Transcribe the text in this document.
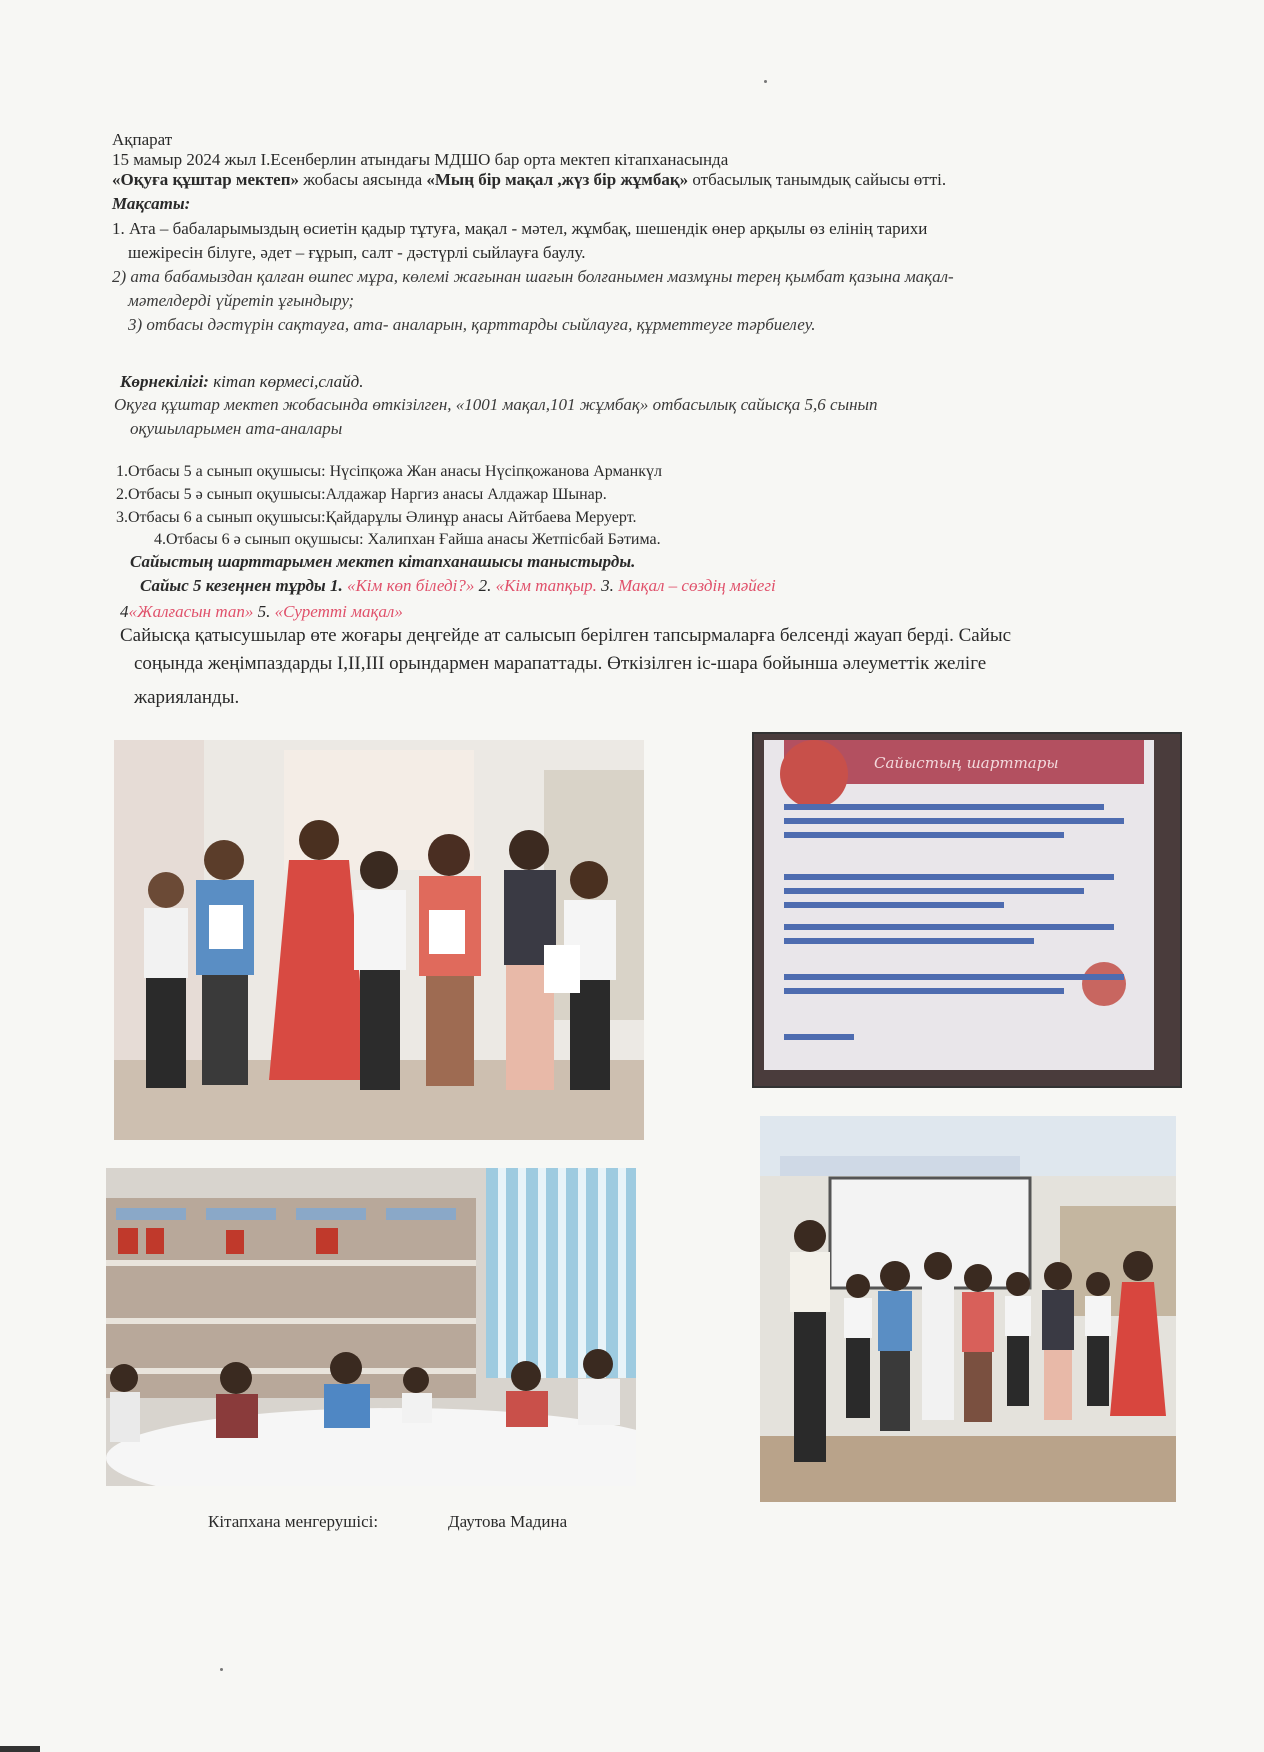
Ақпарат
15 мамыр 2024 жыл І.Есенберлин атындағы МДШО бар орта мектеп кітапханасында
«Оқуға құштар мектеп» жобасы аясында «Мың бір мақал ,жүз бір жұмбақ» отбасылық танымдық сайысы өтті.
Мақсаты:
1. Ата – бабаларымыздың өсиетін қадыр тұтуға, мақал - мәтел, жұмбақ, шешендік өнер арқылы өз елінің тарихи
шежіресін білуге, әдет – ғұрып, салт - дәстүрлі сыйлауға баулу.
2) ата бабамыздан қалған өшпес мұра, көлемі жағынан шағын болғанымен мазмұны терең қымбат қазына мақал-
мәтелдерді үйретіп ұғындыру;
3) отбасы дәстүрін сақтауға, ата- аналарын, қарттарды сыйлауға, құрметтеуге тәрбиелеу.
Көрнекілігі: кітап көрмесі,слайд.
Оқуға құштар мектеп жобасында өткізілген, «1001 мақал,101 жұмбақ» отбасылық сайысқа 5,6 сынып
оқушыларымен ата-аналары
1.Отбасы 5 а сынып оқушысы: Нүсіпқожа Жан анасы Нүсіпқожанова Арманкүл
2.Отбасы 5 ә сынып оқушысы:Алдажар Наргиз анасы Алдажар Шынар.
3.Отбасы 6 а сынып оқушысы:Қайдарұлы Әлинұр анасы Айтбаева Меруерт.
4.Отбасы 6 ә сынып оқушысы: Халипхан Ғайша анасы Жетпісбай Бәтима.
Сайыстың шарттарымен мектеп кітапханашысы таныстырды.
Сайыс 5 кезеңнен тұрды 1. «Кім көп біледі?» 2. «Кім тапқыр. 3. Мақал – сөздің мәйегі
4«Жалғасын тап» 5. «Суретті мақал»
Сайысқа қатысушылар өте жоғары деңгейде ат салысып берілген тапсырмаларға белсенді жауап берді. Сайыс
соңында жеңімпаздарды І,ІІ,ІІІ орындармен марапаттады. Өткізілген іс-шара бойынша әлеуметтік желіге
жарияланды.
Сайыстың шарттары
Кітапхана менгерушісі:	Даутова Мадина
